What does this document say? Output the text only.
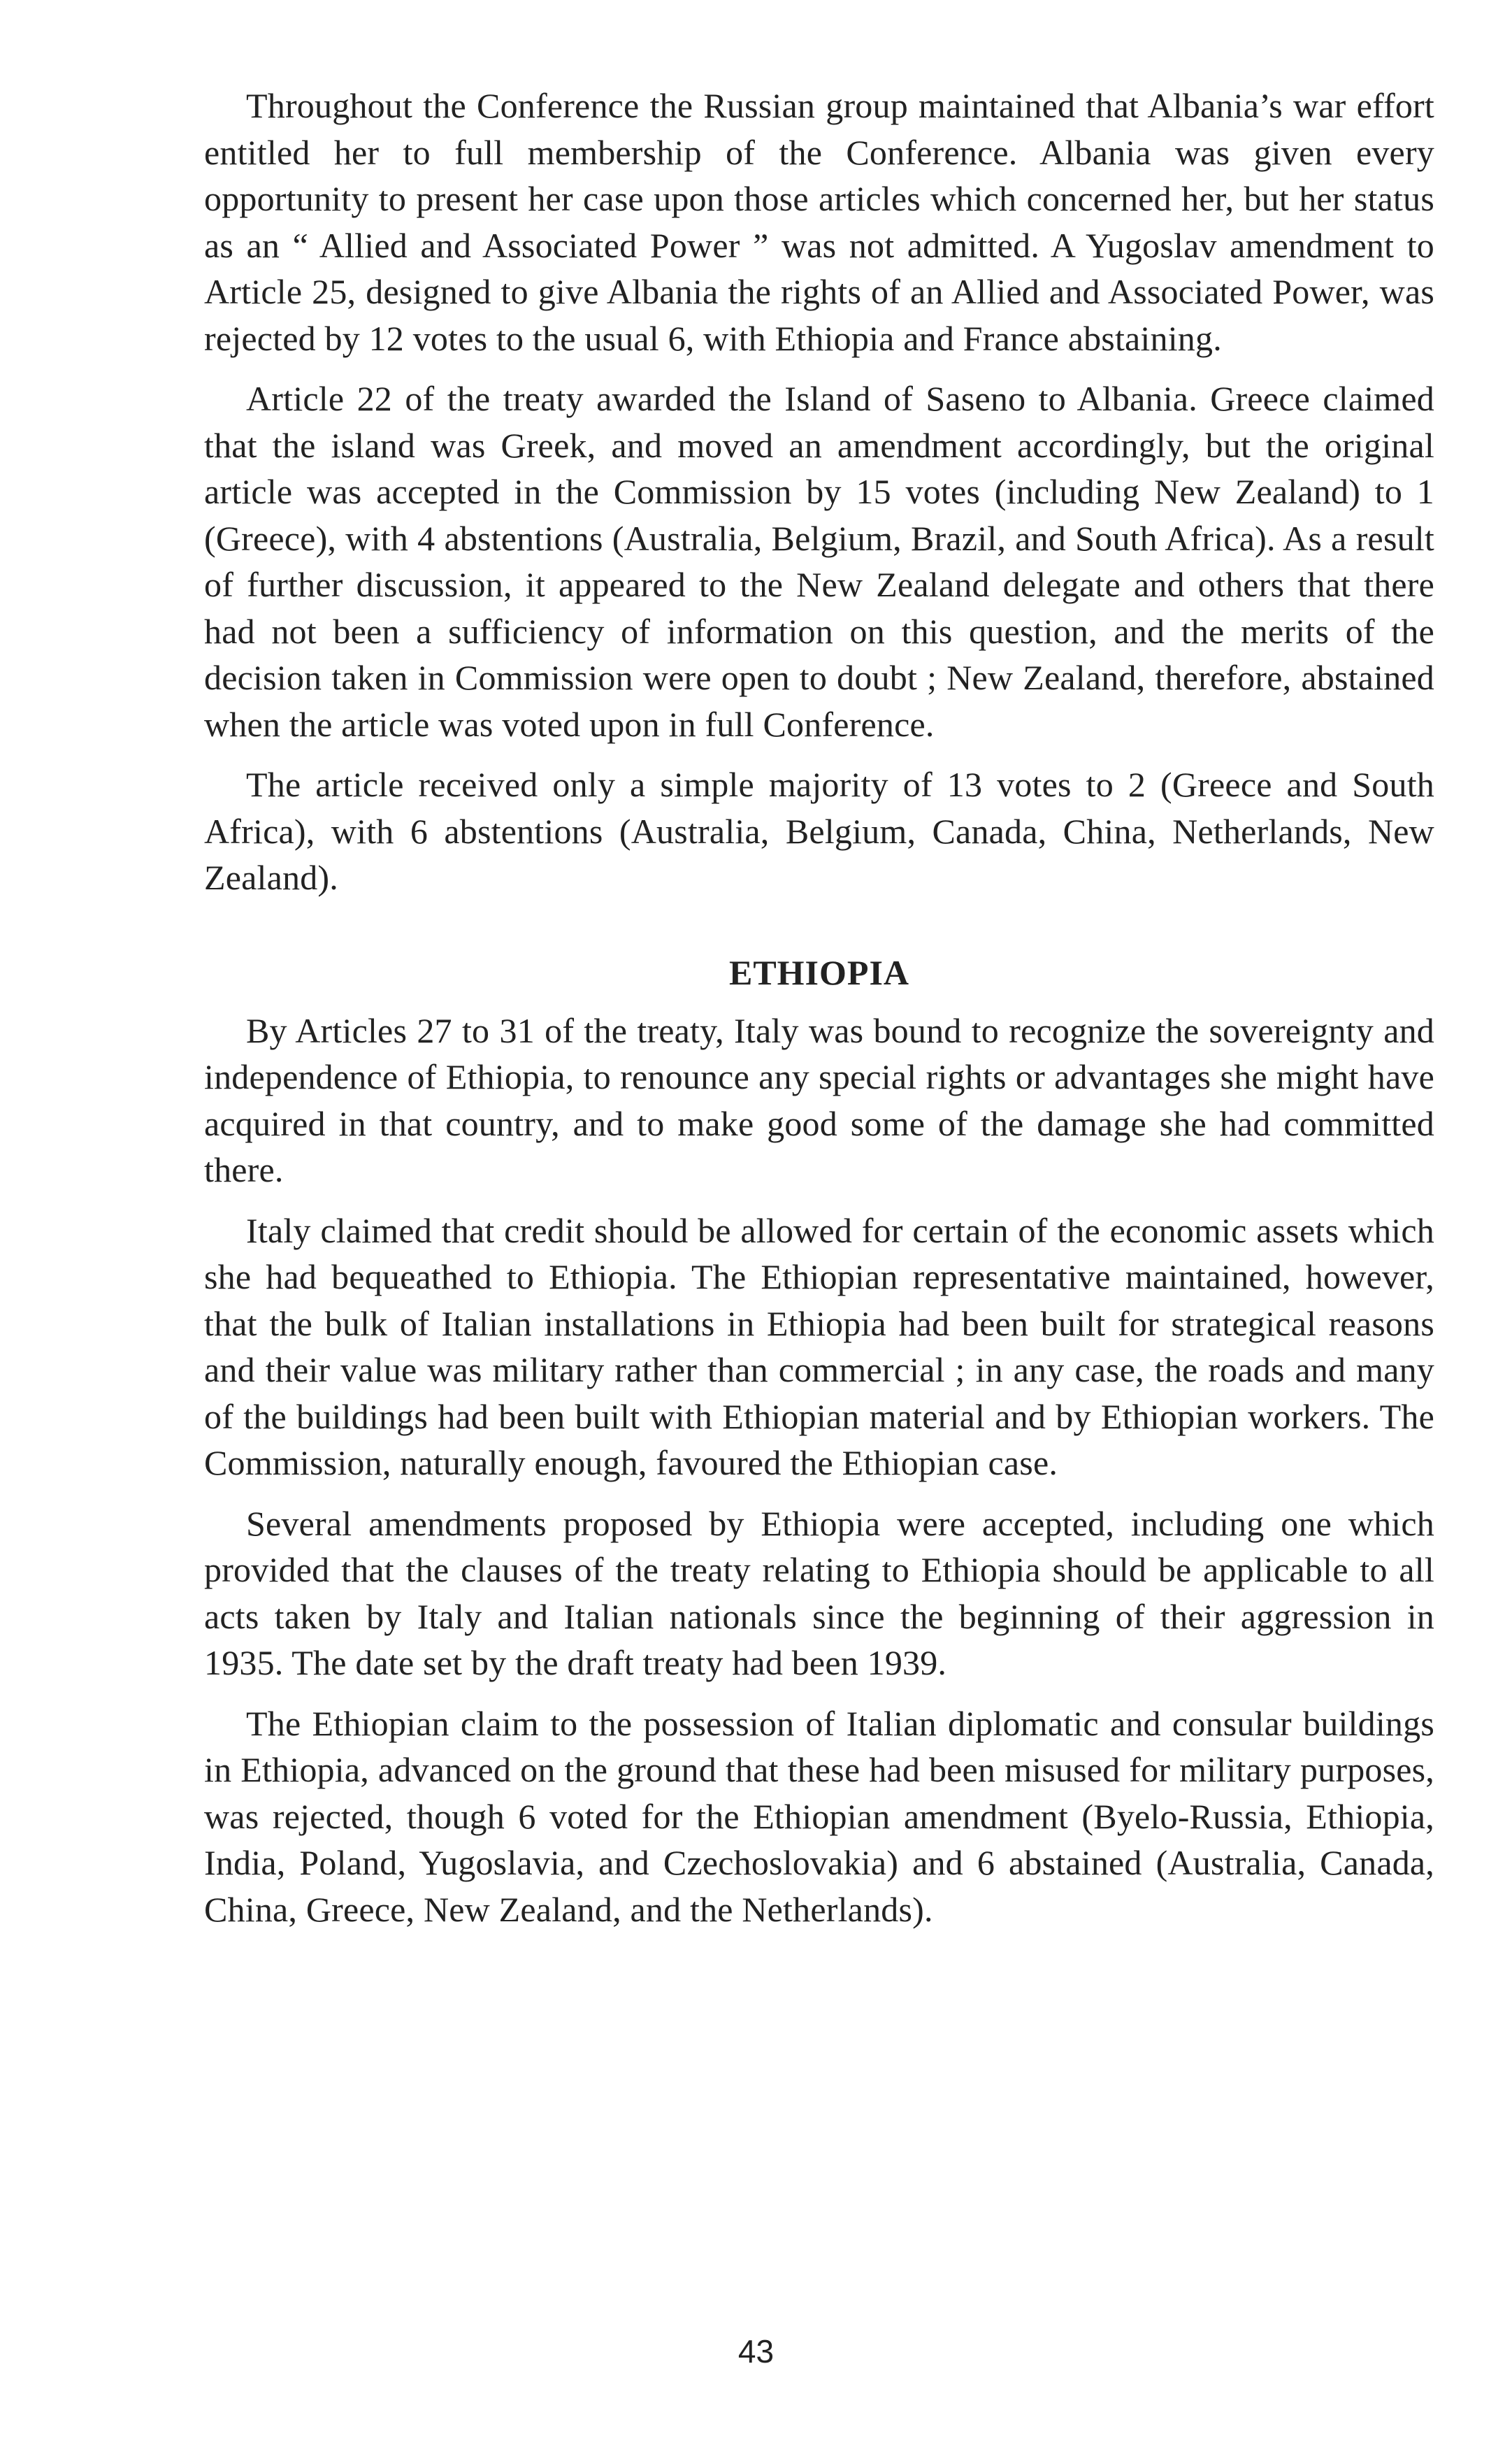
Throughout the Conference the Russian group maintained that Albania’s war effort entitled her to full membership of the Conference. Albania was given every opportunity to present her case upon those articles which concerned her, but her status as an “ Allied and Associated Power ” was not admitted. A Yugoslav amendment to Article 25, designed to give Albania the rights of an Allied and Associated Power, was rejected by 12 votes to the usual 6, with Ethiopia and France abstaining.

Article 22 of the treaty awarded the Island of Saseno to Albania. Greece claimed that the island was Greek, and moved an amendment accordingly, but the original article was accepted in the Commission by 15 votes (including New Zealand) to 1 (Greece), with 4 abstentions (Australia, Belgium, Brazil, and South Africa). As a result of further discussion, it appeared to the New Zealand delegate and others that there had not been a sufficiency of information on this question, and the merits of the decision taken in Commission were open to doubt ; New Zealand, therefore, abstained when the article was voted upon in full Conference.

The article received only a simple majority of 13 votes to 2 (Greece and South Africa), with 6 abstentions (Australia, Belgium, Canada, China, Netherlands, New Zealand).

ETHIOPIA

By Articles 27 to 31 of the treaty, Italy was bound to recognize the sovereignty and independence of Ethiopia, to renounce any special rights or advantages she might have acquired in that country, and to make good some of the damage she had committed there.

Italy claimed that credit should be allowed for certain of the economic assets which she had bequeathed to Ethiopia. The Ethiopian representative maintained, however, that the bulk of Italian installations in Ethiopia had been built for strategical reasons and their value was military rather than commercial ; in any case, the roads and many of the buildings had been built with Ethiopian material and by Ethiopian workers. The Commission, naturally enough, favoured the Ethiopian case.

Several amendments proposed by Ethiopia were accepted, including one which provided that the clauses of the treaty relating to Ethiopia should be applicable to all acts taken by Italy and Italian nationals since the beginning of their aggression in 1935. The date set by the draft treaty had been 1939.

The Ethiopian claim to the possession of Italian diplomatic and consular buildings in Ethiopia, advanced on the ground that these had been misused for military purposes, was rejected, though 6 voted for the Ethiopian amendment (Byelo-Russia, Ethiopia, India, Poland, Yugoslavia, and Czechoslovakia) and 6 abstained (Australia, Canada, China, Greece, New Zealand, and the Netherlands).

43
